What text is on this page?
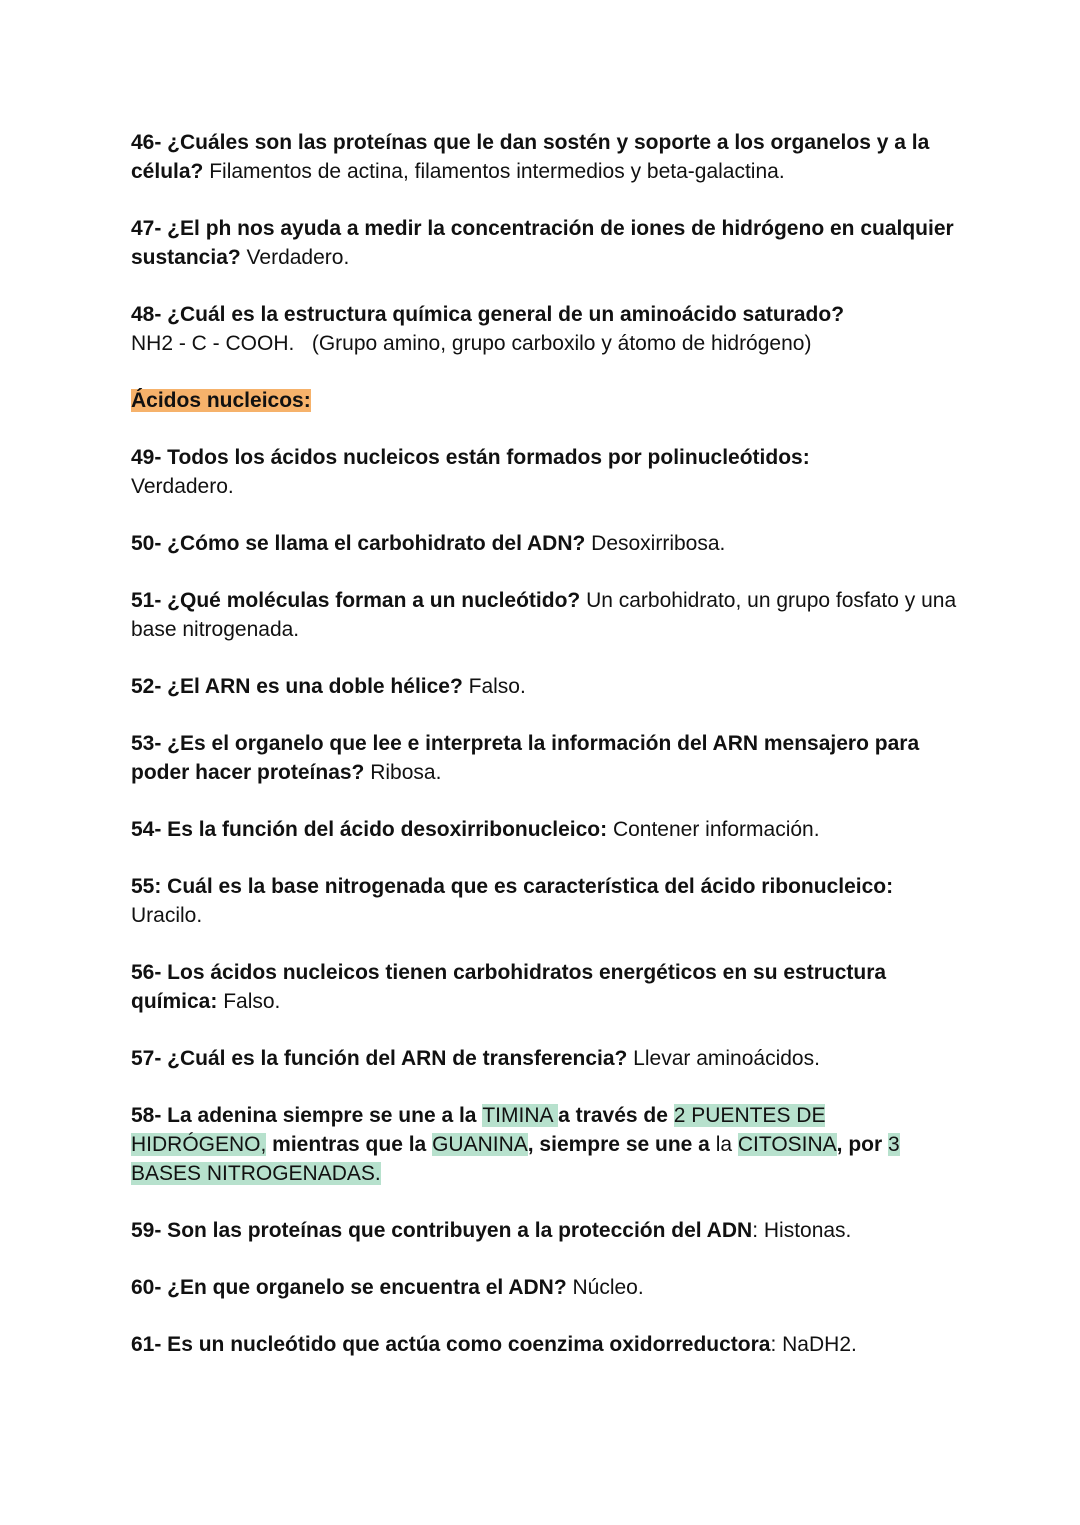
46- ¿Cuáles son las proteínas que le dan sostén y soporte a los organelos y a la célula? Filamentos de actina, filamentos intermedios y beta-galactina.

47- ¿El ph nos ayuda a medir la concentración de iones de hidrógeno en cualquier sustancia? Verdadero.

48- ¿Cuál es la estructura química general de un aminoácido saturado?
NH2 - C - COOH.   (Grupo amino, grupo carboxilo y átomo de hidrógeno)

Ácidos nucleicos:

49- Todos los ácidos nucleicos están formados por polinucleótidos:
Verdadero.

50- ¿Cómo se llama el carbohidrato del ADN? Desoxirribosa.

51- ¿Qué moléculas forman a un nucleótido? Un carbohidrato, un grupo fosfato y una base nitrogenada.

52- ¿El ARN es una doble hélice? Falso.

53- ¿Es el organelo que lee e interpreta la información del ARN mensajero para poder hacer proteínas? Ribosa.

54- Es la función del ácido desoxirribonucleico: Contener información.

55: Cuál es la base nitrogenada que es característica del ácido ribonucleico:
Uracilo.

56- Los ácidos nucleicos tienen carbohidratos energéticos en su estructura química: Falso.

57- ¿Cuál es la función del ARN de transferencia? Llevar aminoácidos.

58- La adenina siempre se une a la TIMINA a través de 2 PUENTES DE HIDRÓGENO, mientras que la GUANINA, siempre se une a la CITOSINA, por 3 BASES NITROGENADAS.

59- Son las proteínas que contribuyen a la protección del ADN: Histonas.

60- ¿En que organelo se encuentra el ADN? Núcleo.

61- Es un nucleótido que actúa como coenzima oxidorreductora: NaDH2.
